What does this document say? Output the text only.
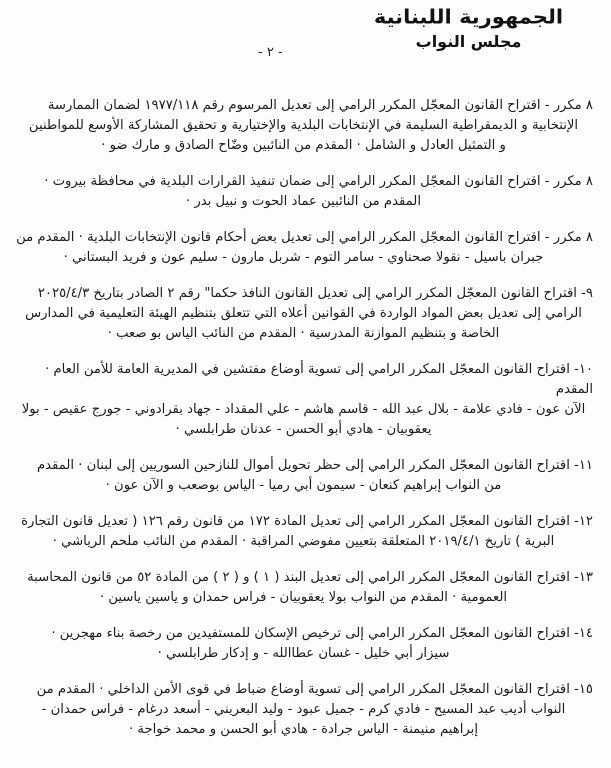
الجمهورية اللبنانية
مجلس النواب
- ٢ -
٨ مكرر - اقتراح القانون المعجّل المكرر الرامي إلى تعديل المرسوم رقم ١٩٧٧/١١٨ لضمان الممارسة
الإنتخابية و الديمقراطية السليمة في الإنتخابات البلدية والإختيارية و تحقيق المشاركة الأوسع للمواطنين
و التمثيل العادل و الشامل · المقدم من النائبين وضّاح الصادق و مارك ضو ·
٨ مكرر - اقتراح القانون المعجّل المكرر الرامي إلى ضمان تنفيذ القرارات البلدية في محافظة بيروت ·
المقدم من النائبين عماد الحوت و نبيل بدر ·
٨ مكرر - اقتراح القانون المعجّل المكرر الرامي إلى تعديل بعض أحكام قانون الإنتخابات البلدية · المقدم من
جبران باسيل - نقولا صحناوي - سامر التوم - شربل مارون - سليم عون و فريد البستاني ·
٩- اقتراح القانون المعجّل المكرر الرامي إلى تعديل القانون النافذ حكما" رقم ٢ الصادر بتاريخ ٢٠٢٥/٤/٣
الرامي إلى تعديل بعض المواد الواردة في القوانين أعلاه التي تتعلق بتنظيم الهيئة التعليمية في المدارس
الخاصة و بتنظيم الموازنة المدرسية · المقدم من النائب الياس بو صعب ·
١٠- اقتراح القانون المعجّل المكرر الرامي إلى تسوية أوضاع مفتشين في المديرية العامة للأمن العام · المقدم
الآن عون - فادي علامة - بلال عبد الله - قاسم هاشم - علي المقداد - جهاد بقرادوني - جورج عقيص - بولا
يعقوبيان - هادي أبو الحسن - عدنان طرابلسي ·
١١- اقتراح القانون المعجّل المكرر الرامي إلى حظر تحويل أموال للنازحين السوريين إلى لبنان · المقدم
من النواب إبراهيم كنعان - سيمون أبي رميا - الياس بوصعب و الآن عون ·
١٢- اقتراح القانون المعجّل المكرر الرامي إلى تعديل المادة ١٧٢ من قانون رقم ١٢٦ ( تعديل قانون التجارة
البرية ) تاريخ ٢٠١٩/٤/١ المتعلقة بتعيين مفوضي المراقبة · المقدم من النائب ملحم الرياشي ·
١٣- اقتراح القانون المعجّل المكرر الرامي إلى تعديل البند ( ١ ) و ( ٢ ) من المادة ٥٢ من قانون المحاسبة
العمومية · المقدم من النواب بولا يعقوبيان - فراس حمدان و ياسين ياسين ·
١٤- اقتراح القانون المعجّل المكرر الرامي إلى ترخيص الإسكان للمستفيدين من رخصة بناء مهجرين ·
سيزار أبي خليل - غسان عطاالله - و إدكار طرابلسي ·
١٥- اقتراح القانون المعجّل المكرر الرامي إلى تسوية أوضاع ضباط في قوى الأمن الداخلي · المقدم من
النواب أديب عبد المسيح - فادي كرم - جميل عبود - وليد البعريني - أسعد درغام - فراس حمدان -
إبراهيم منيمنة - الياس جرادة - هادي أبو الحسن و محمد خواجة ·
